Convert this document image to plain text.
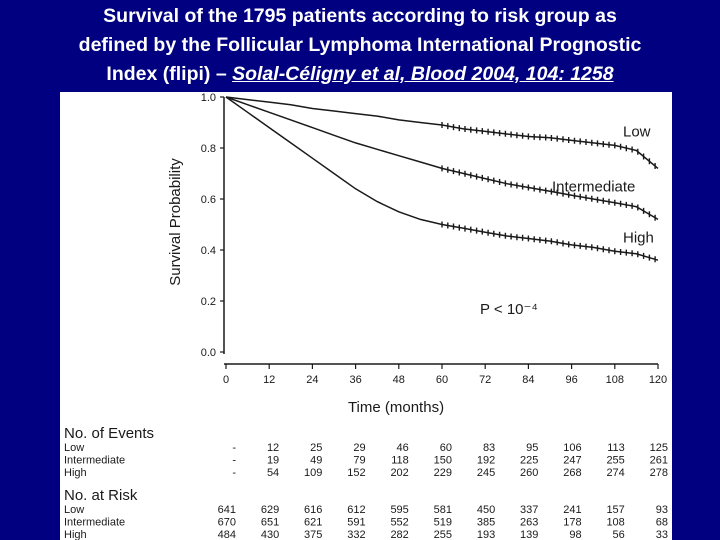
Survival of the 1795 patients according to risk group as
defined by the Follicular Lymphoma International Prognostic
Index (flipi) – Solal-Céligny et al, Blood 2004, 104: 1258
0.0
0.2
0.4
0.6
0.8
1.0
0	12	24	36	48	60	72	84	96	108 120
Low
Intermediate
High
Survival Probability
Time (months)
P < 10⁻⁴
No. of Events
Low	-	12	25	29	46	60	83	95 106 113 125
Intermediate	-	19	49	79 118 150 192 225 247 255 261
High	-	54 109 152 202 229 245 260 268 274 278
No. at Risk
Low	641 629 616 612 595 581 450 337 241 157	93
Intermediate	670 651 621 591 552 519 385 263 178 108	68
High	484 430 375 332 282 255 193 139	98	56	33
